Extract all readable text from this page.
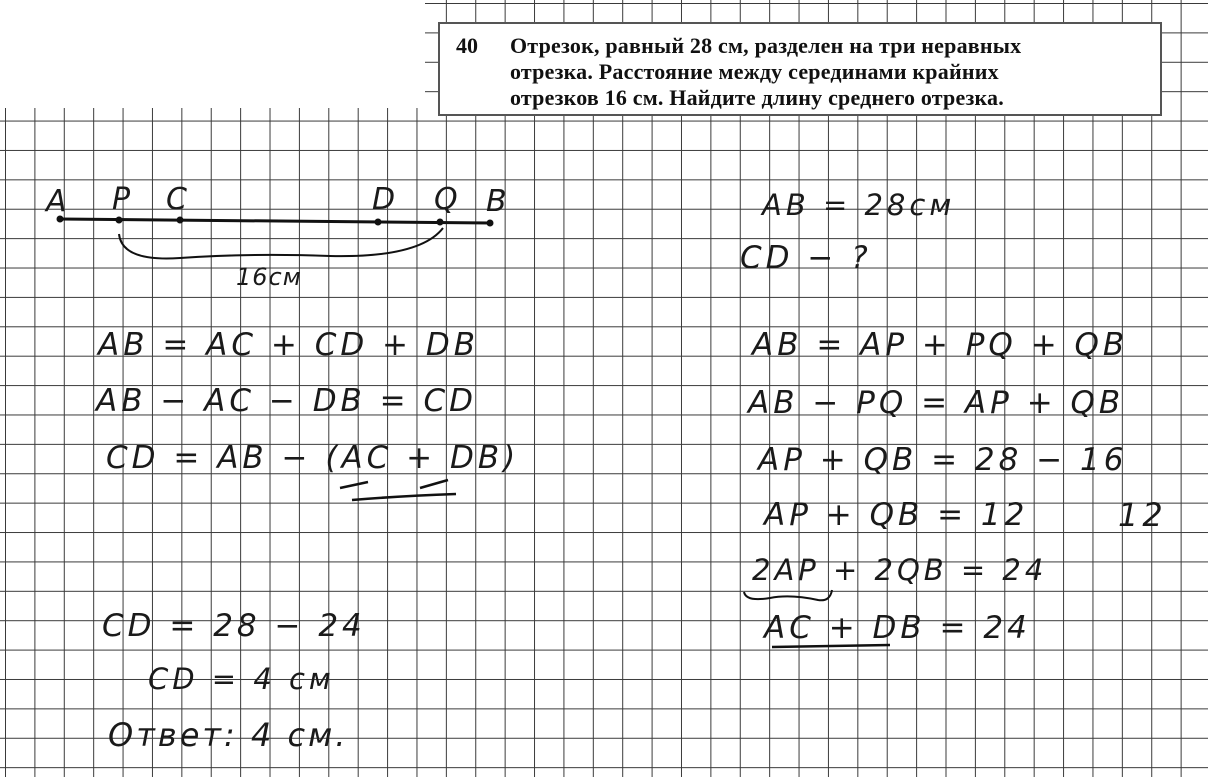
40 Отрезок, равный 28 см, разделен на три неравных
отрезка. Расстояние между серединами крайних
отрезков 16 см. Найдите длину среднего отрезка.
A P C	D Q B
16см
AB = AC + CD + DB
AB − AC − DB = CD
CD = AB − (AC + DB)
CD = 28 − 24
CD = 4 см
Ответ: 4 см.
AB = 28см
CD − ?
AB = AP + PQ + QB
AB − PQ = AP + QB
AP + QB = 28 − 16
AP + QB = 12	12
2AP + 2QB = 24
AC + DB = 24
